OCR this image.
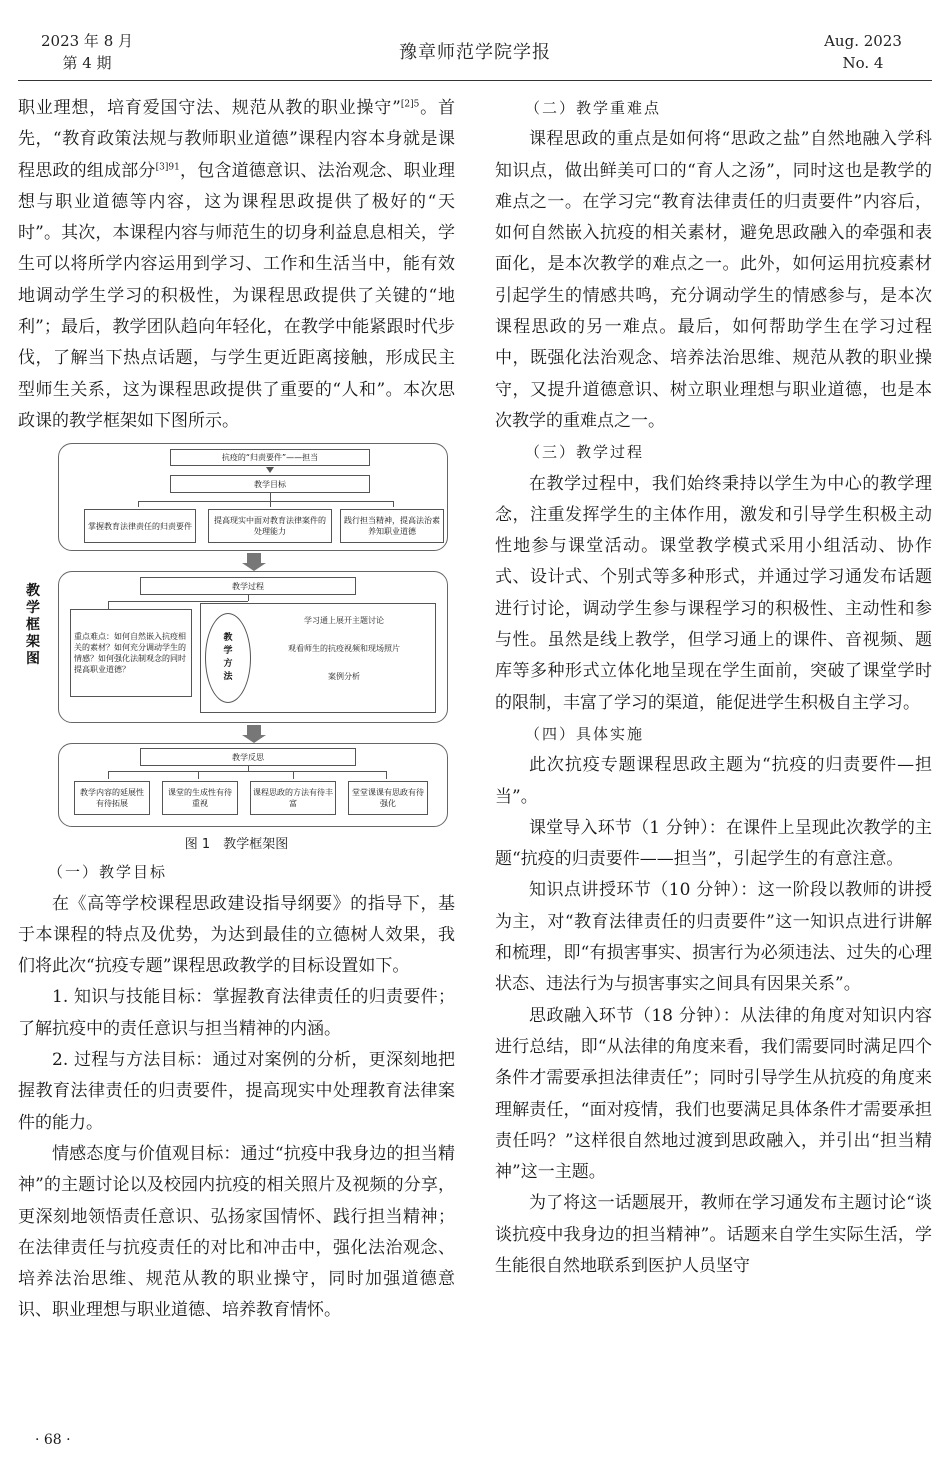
2023 年 8 月
第 4 期	豫章师范学院学报
Aug. 2023
No. 4

职业理想，培育爱国守法、规范从教的职业操守”$^{[2]5}$。首先，“教育政策法规与教师职业道德”课程内容本身就是课程思政的组成部分$^{[3]91}$，包含道德意识、法治观念、职业理想与职业道德等内容，这为课程思政提供了极好的“天时”。其次，本课程内容与师范生的切身利益息息相关，学生可以将所学内容运用到学习、工作和生活当中，能有效地调动学生学习的积极性，为课程思政提供了关键的“地利”；最后，教学团队趋向年轻化，在教学中能紧跟时代步伐，了解当下热点话题，与学生更近距离接触，形成民主型师生关系，这为课程思政提供了重要的“人和”。本次思政课的教学框架如下图所示。

教学框架图
抗疫的“归责要件”——担当
教学目标
掌握教育法律责任的归责要件
提高现实中面对教育法律案件的处理能力
践行担当精神，提高法治素养知职业道德
教学过程
重点难点：如何自然嵌入抗疫相关的素材？如何充分调动学生的情感？如何强化法制观念的同时提高职业道德？
教学方法
学习通上展开主题讨论
观看师生的抗疫视频和现场照片
案例分析
教学反思
教学内容的延展性有待拓展
课堂的生成性有待重视
课程思政的方法有待丰富
堂堂课课有思政有待强化
图 1　教学框架图
（一）教学目标

在《高等学校课程思政建设指导纲要》的指导下，基于本课程的特点及优势，为达到最佳的立德树人效果，我们将此次“抗疫专题”课程思政教学的目标设置如下。

1. 知识与技能目标：掌握教育法律责任的归责要件；了解抗疫中的责任意识与担当精神的内涵。

2. 过程与方法目标：通过对案例的分析，更深刻地把握教育法律责任的归责要件，提高现实中处理教育法律案件的能力。

情感态度与价值观目标：通过“抗疫中我身边的担当精神”的主题讨论以及校园内抗疫的相关照片及视频的分享，更深刻地领悟责任意识、弘扬家国情怀、践行担当精神；在法律责任与抗疫责任的对比和冲击中，强化法治观念、培养法治思维、规范从教的职业操守，同时加强道德意识、职业理想与职业道德、培养教育情怀。

（二）教学重难点

课程思政的重点是如何将“思政之盐”自然地融入学科知识点，做出鲜美可口的“育人之汤”，同时这也是教学的难点之一。在学习完“教育法律责任的归责要件”内容后，如何自然嵌入抗疫的相关素材，避免思政融入的牵强和表面化，是本次教学的难点之一。此外，如何运用抗疫素材引起学生的情感共鸣，充分调动学生的情感参与，是本次课程思政的另一难点。最后，如何帮助学生在学习过程中，既强化法治观念、培养法治思维、规范从教的职业操守，又提升道德意识、树立职业理想与职业道德，也是本次教学的重难点之一。

（三）教学过程

在教学过程中，我们始终秉持以学生为中心的教学理念，注重发挥学生的主体作用，激发和引导学生积极主动性地参与课堂活动。课堂教学模式采用小组活动、协作式、设计式、个别式等多种形式，并通过学习通发布话题进行讨论，调动学生参与课程学习的积极性、主动性和参与性。虽然是线上教学，但学习通上的课件、音视频、题库等多种形式立体化地呈现在学生面前，突破了课堂学时的限制，丰富了学习的渠道，能促进学生积极自主学习。

（四）具体实施

此次抗疫专题课程思政主题为“抗疫的归责要件—担当”。

课堂导入环节（1 分钟）：在课件上呈现此次教学的主题“抗疫的归责要件——担当”，引起学生的有意注意。

知识点讲授环节（10 分钟）：这一阶段以教师的讲授为主，对“教育法律责任的归责要件”这一知识点进行讲解和梳理，即“有损害事实、损害行为必须违法、过失的心理状态、违法行为与损害事实之间具有因果关系”。

思政融入环节（18 分钟）：从法律的角度对知识内容进行总结，即“从法律的角度来看，我们需要同时满足四个条件才需要承担法律责任”；同时引导学生从抗疫的角度来理解责任，“面对疫情，我们也要满足具体条件才需要承担责任吗？”这样很自然地过渡到思政融入，并引出“担当精神”这一主题。

为了将这一话题展开，教师在学习通发布主题讨论“谈谈抗疫中我身边的担当精神”。话题来自学生实际生活，学生能很自然地联系到医护人员坚守

· 68 ·
